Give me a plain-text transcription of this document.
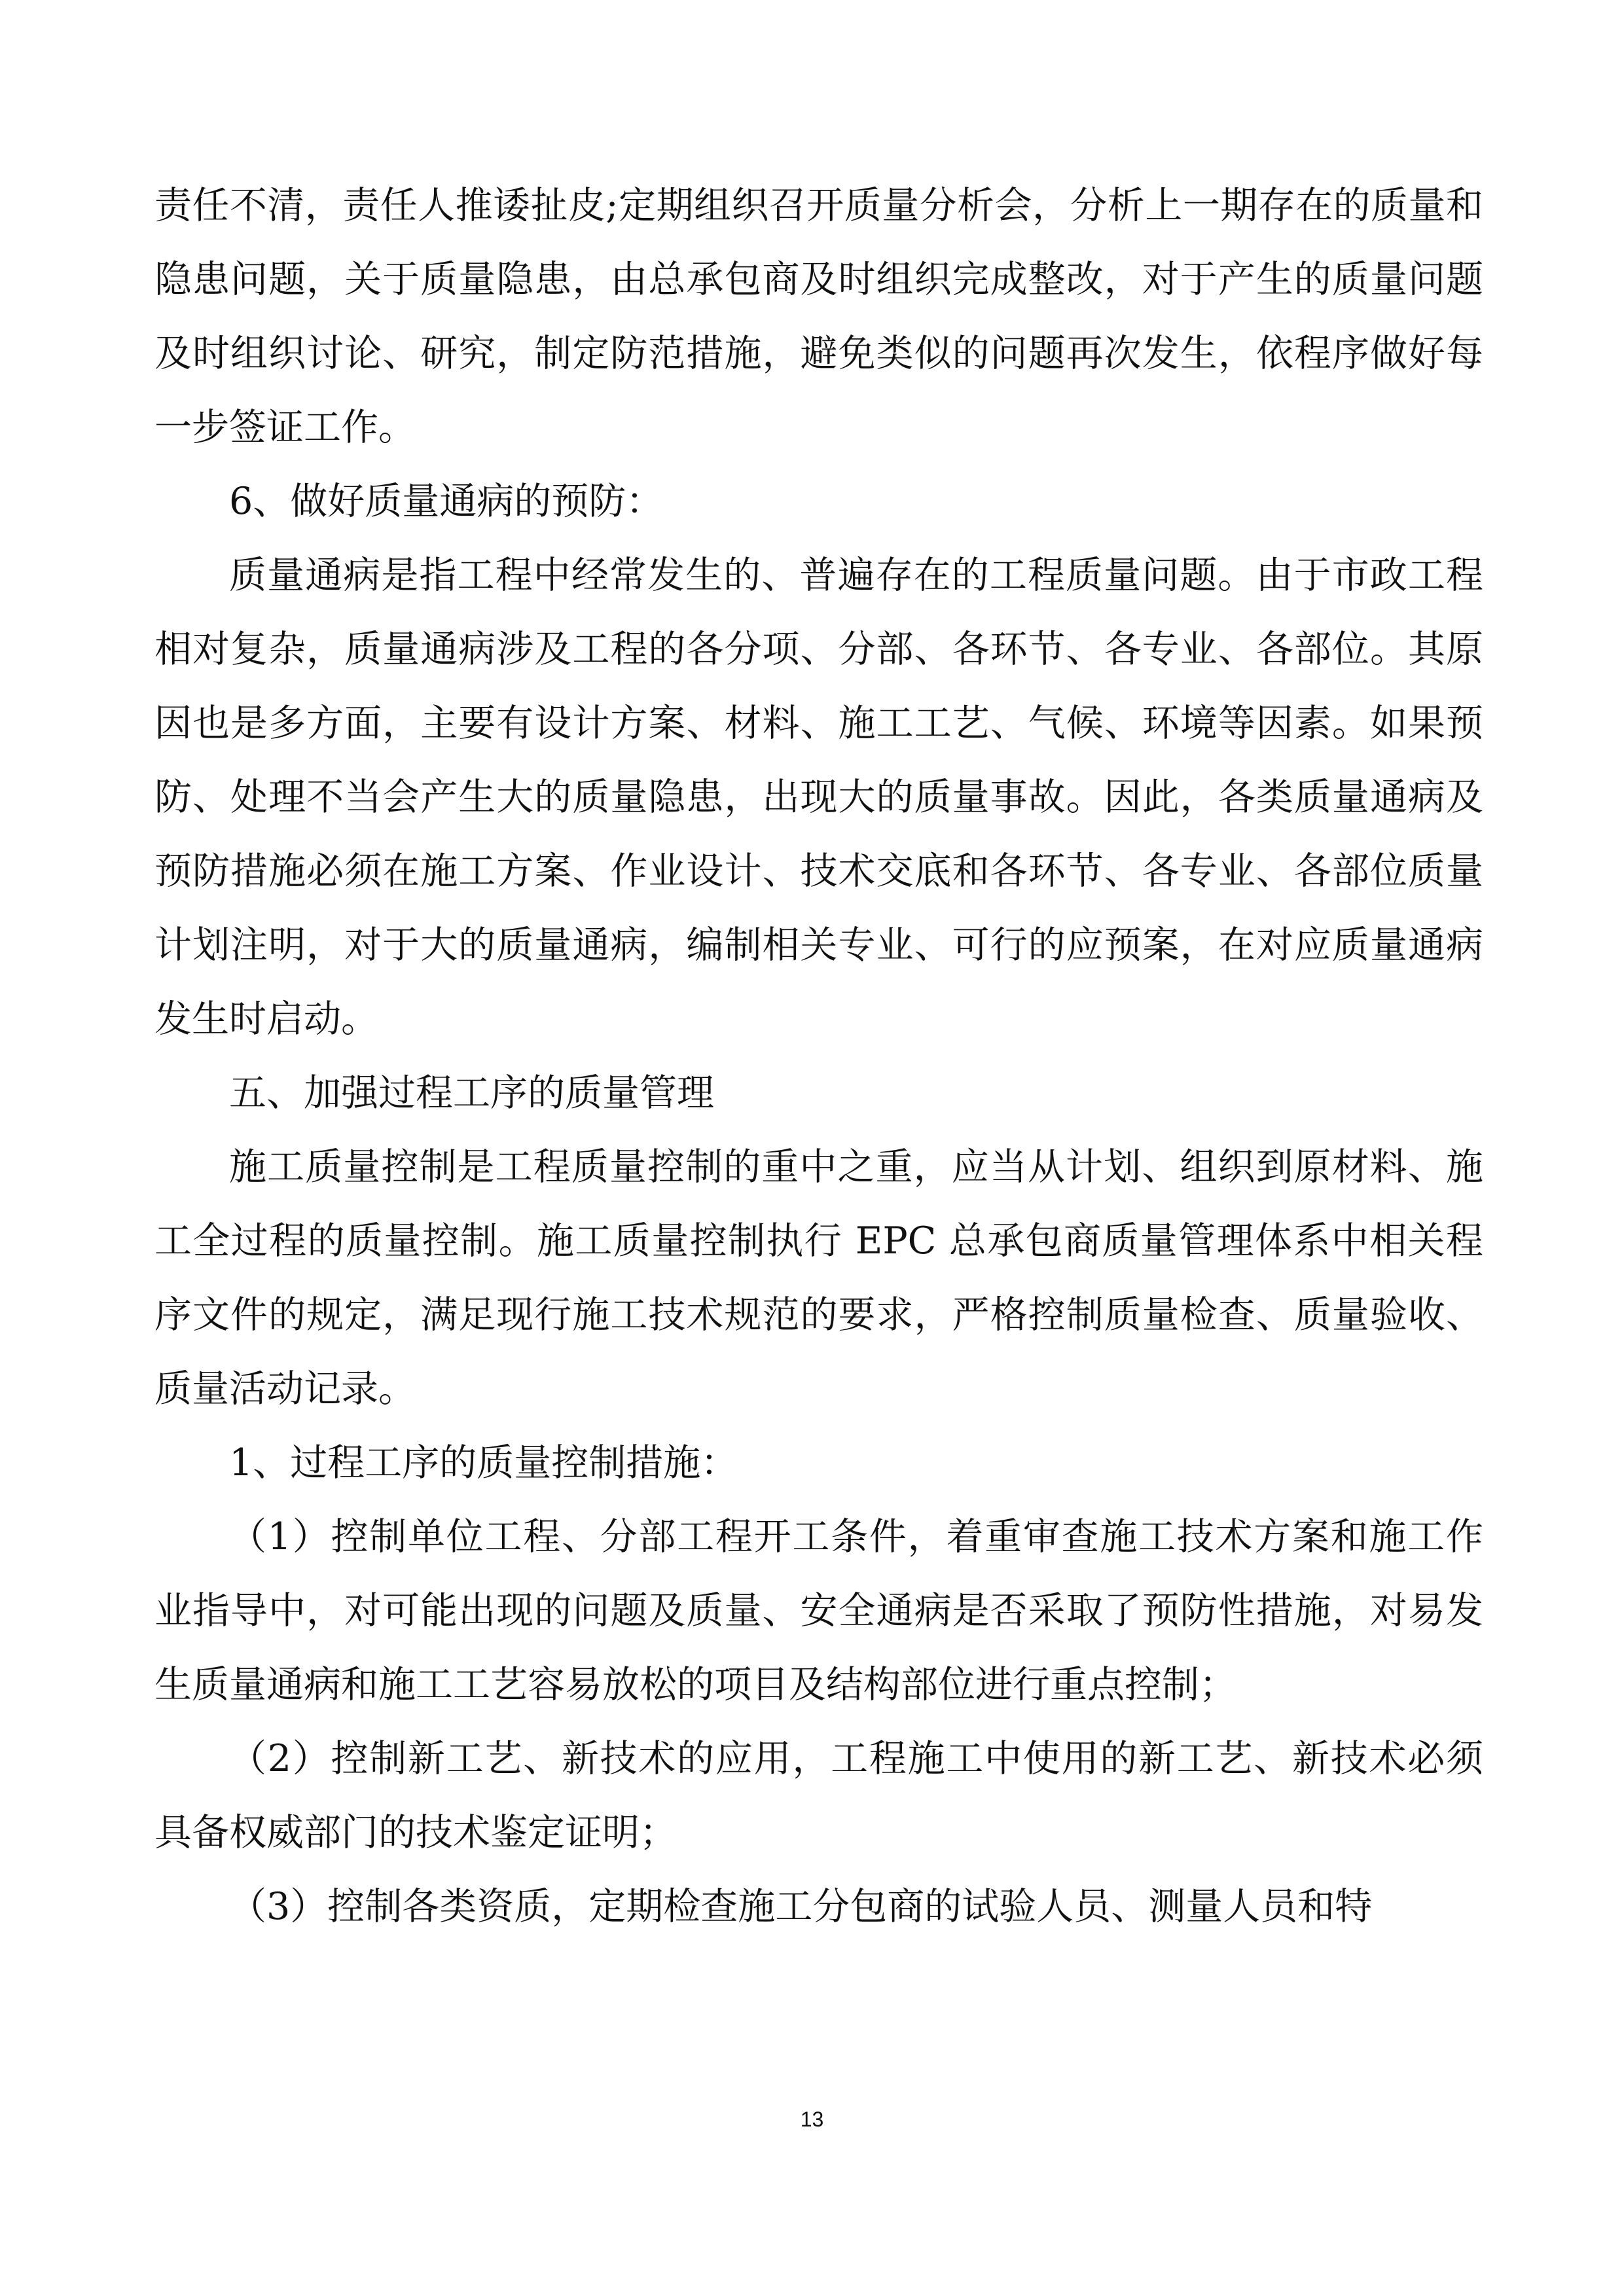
责任不清，责任人推诿扯皮;定期组织召开质量分析会，分析上一期存在的质量和隐患问题，关于质量隐患，由总承包商及时组织完成整改，对于产生的质量问题及时组织讨论、研究，制定防范措施，避免类似的问题再次发生，依程序做好每一步签证工作。

6、做好质量通病的预防：

质量通病是指工程中经常发生的、普遍存在的工程质量问题。由于市政工程相对复杂，质量通病涉及工程的各分项、分部、各环节、各专业、各部位。其原因也是多方面，主要有设计方案、材料、施工工艺、气候、环境等因素。如果预防、处理不当会产生大的质量隐患，出现大的质量事故。因此，各类质量通病及预防措施必须在施工方案、作业设计、技术交底和各环节、各专业、各部位质量计划注明，对于大的质量通病，编制相关专业、可行的应预案，在对应质量通病发生时启动。

五、加强过程工序的质量管理

施工质量控制是工程质量控制的重中之重，应当从计划、组织到原材料、施工全过程的质量控制。施工质量控制执行 EPC 总承包商质量管理体系中相关程序文件的规定，满足现行施工技术规范的要求，严格控制质量检查、质量验收、质量活动记录。

1、过程工序的质量控制措施：

（1）控制单位工程、分部工程开工条件，着重审查施工技术方案和施工作业指导中，对可能出现的问题及质量、安全通病是否采取了预防性措施，对易发生质量通病和施工工艺容易放松的项目及结构部位进行重点控制；

（2）控制新工艺、新技术的应用，工程施工中使用的新工艺、新技术必须具备权威部门的技术鉴定证明；

（3）控制各类资质，定期检查施工分包商的试验人员、测量人员和特

13
